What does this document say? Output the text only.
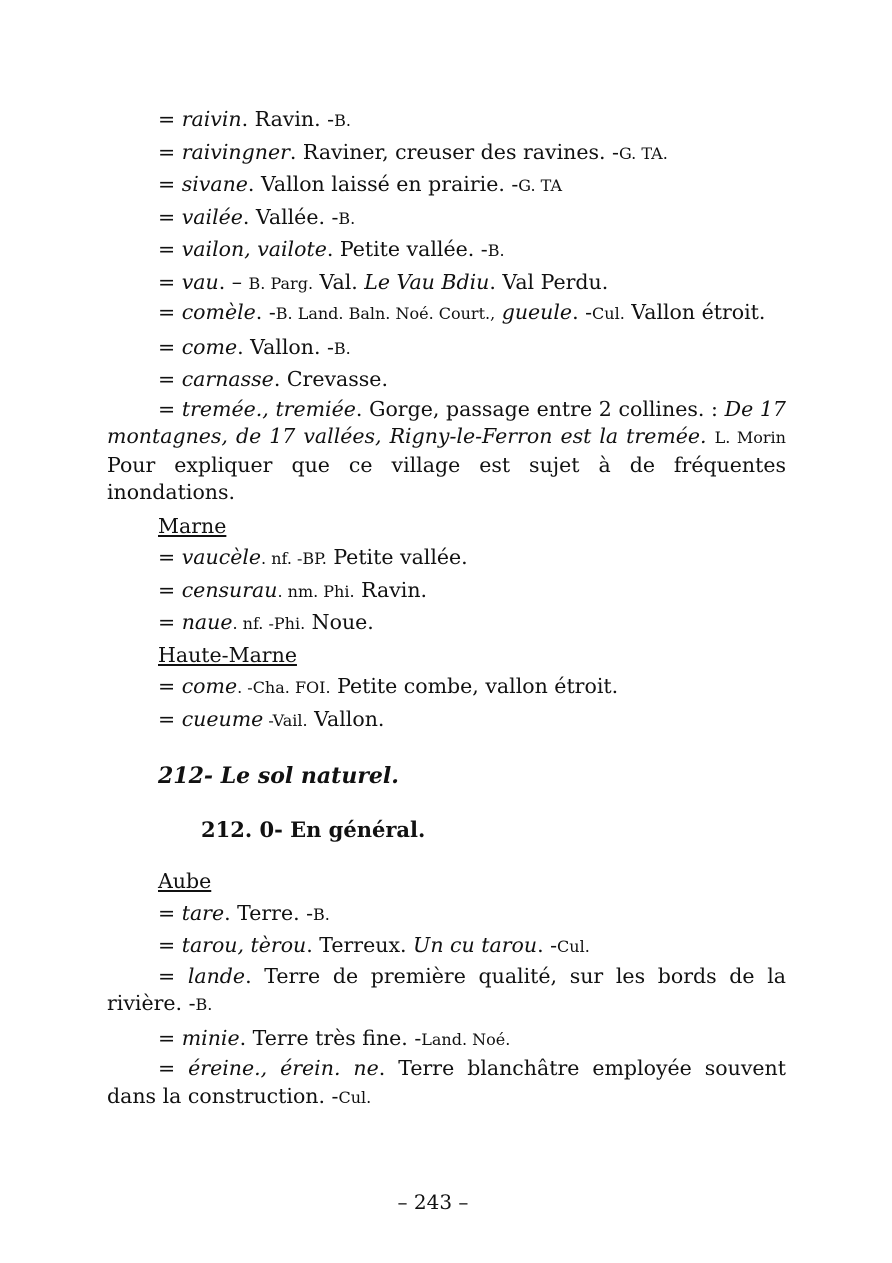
= raivin. Ravin. -B.

= raivingner. Raviner, creuser des ravines. -G. TA.

= sivane. Vallon laissé en prairie. -G. TA

= vailée. Vallée. -B.

= vailon, vailote. Petite vallée. -B.

= vau. – B. Parg. Val. Le Vau Bdiu. Val Perdu.

= comèle. -B. Land. Baln. Noé. Court., gueule. -Cul. Vallon étroit.

= come. Vallon. -B.

= carnasse. Crevasse.

= tremée., tremiée. Gorge, passage entre 2 collines. : De 17 montagnes, de 17 vallées, Rigny-le-Ferron est la tremée. L. Morin Pour expliquer que ce village est sujet à de fréquentes inondations.

Marne

= vaucèle. nf. -BP. Petite vallée.

= censurau. nm. Phi. Ravin.

= naue. nf. -Phi. Noue.

Haute-Marne

= come. -Cha. FOI. Petite combe, vallon étroit.

= cueume -Vail. Vallon.

212- Le sol naturel.

212. 0- En général.

Aube

= tare. Terre. -B.

= tarou, tèrou. Terreux. Un cu tarou. -Cul.

= lande. Terre de première qualité, sur les bords de la rivière. -B.

= minie. Terre très fine. -Land. Noé.

= éreine., érein. ne. Terre blanchâtre employée souvent dans la construction. -Cul.

– 243 –
